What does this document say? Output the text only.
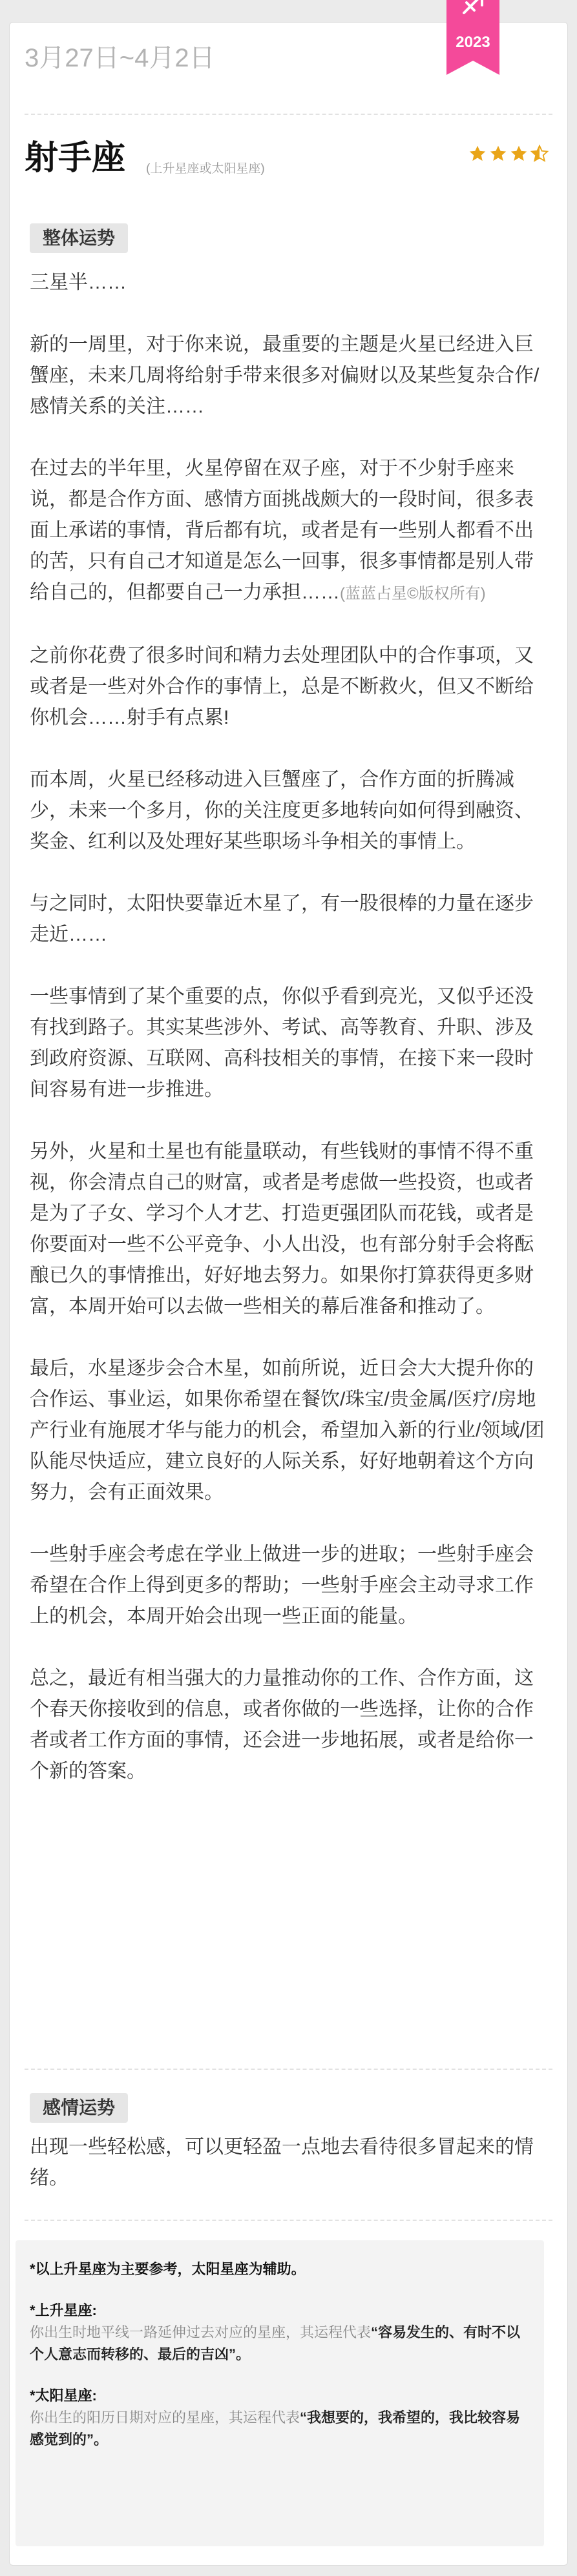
3月27日~4月2日
2023
射手座 (上升星座或太阳星座)
整体运势

三星半……

新的一周里，对于你来说，最重要的主题是火星已经进入巨蟹座，未来几周将给射手带来很多对偏财以及某些复杂合作/感情关系的关注……

在过去的半年里，火星停留在双子座，对于不少射手座来说，都是合作方面、感情方面挑战颇大的一段时间，很多表面上承诺的事情，背后都有坑，或者是有一些别人都看不出的苦，只有自己才知道是怎么一回事，很多事情都是别人带给自己的，但都要自己一力承担……(蓝蓝占星©版权所有)

之前你花费了很多时间和精力去处理团队中的合作事项，又或者是一些对外合作的事情上，总是不断救火，但又不断给你机会……射手有点累!

而本周，火星已经移动进入巨蟹座了，合作方面的折腾减少，未来一个多月，你的关注度更多地转向如何得到融资、奖金、红利以及处理好某些职场斗争相关的事情上。

与之同时，太阳快要靠近木星了，有一股很棒的力量在逐步走近……

一些事情到了某个重要的点，你似乎看到亮光，又似乎还没有找到路子。其实某些涉外、考试、高等教育、升职、涉及到政府资源、互联网、高科技相关的事情，在接下来一段时间容易有进一步推进。

另外，火星和土星也有能量联动，有些钱财的事情不得不重视，你会清点自己的财富，或者是考虑做一些投资，也或者是为了子女、学习个人才艺、打造更强团队而花钱，或者是你要面对一些不公平竞争、小人出没，也有部分射手会将酝酿已久的事情推出，好好地去努力。如果你打算获得更多财富，本周开始可以去做一些相关的幕后准备和推动了。

最后，水星逐步会合木星，如前所说，近日会大大提升你的合作运、事业运，如果你希望在餐饮/珠宝/贵金属/医疗/房地产行业有施展才华与能力的机会，希望加入新的行业/领域/团队能尽快适应，建立良好的人际关系，好好地朝着这个方向努力，会有正面效果。

一些射手座会考虑在学业上做进一步的进取；一些射手座会希望在合作上得到更多的帮助；一些射手座会主动寻求工作上的机会，本周开始会出现一些正面的能量。

总之，最近有相当强大的力量推动你的工作、合作方面，这个春天你接收到的信息，或者你做的一些选择，让你的合作者或者工作方面的事情，还会进一步地拓展，或者是给你一个新的答案。

感情运势

出现一些轻松感，可以更轻盈一点地去看待很多冒起来的情绪。

*以上升星座为主要参考，太阳星座为辅助。
*上升星座:
你出生时地平线一路延伸过去对应的星座，其运程代表“容易发生的、有时不以个人意志而转移的、最后的吉凶”。
*太阳星座:
你出生的阳历日期对应的星座，其运程代表“我想要的，我希望的，我比较容易感觉到的”。
